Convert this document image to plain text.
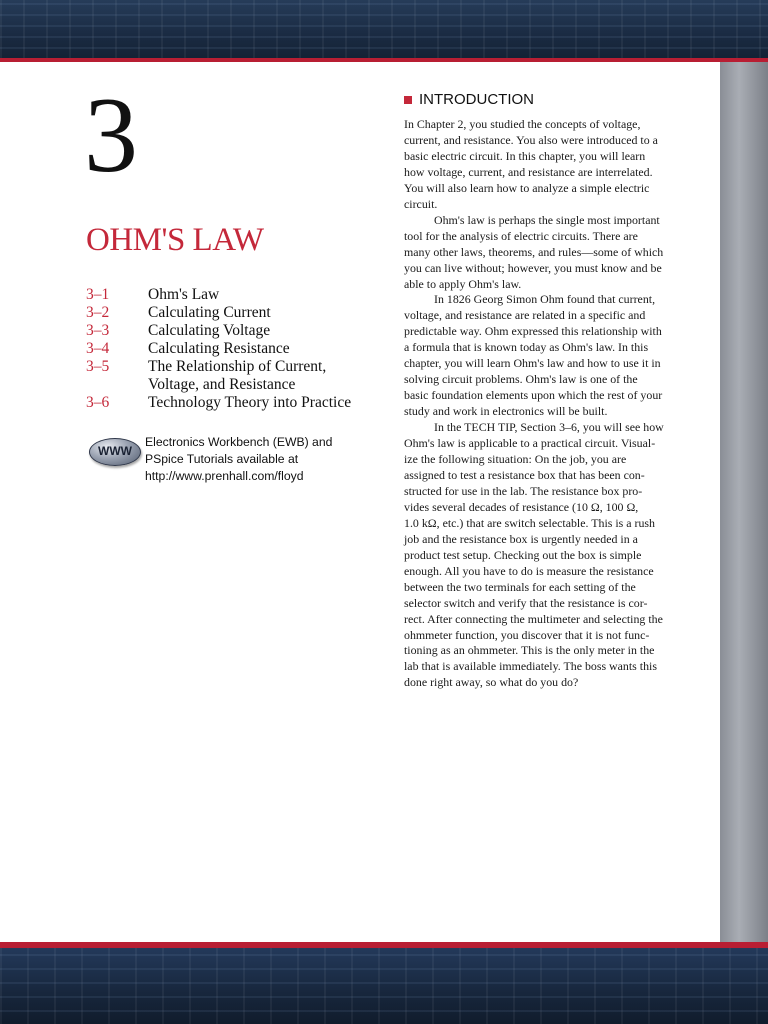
3
OHM'S LAW
3–1	Ohm's Law
3–2	Calculating Current
3–3	Calculating Voltage
3–4	Calculating Resistance
3–5	The Relationship of Current,
Voltage, and Resistance
3–6	Technology Theory into Practice
WWW
Electronics Workbench (EWB) and
PSpice Tutorials available at
http://www.prenhall.com/floyd
INTRODUCTION
In Chapter 2, you studied the concepts of voltage,
current, and resistance. You also were introduced to a
basic electric circuit. In this chapter, you will learn
how voltage, current, and resistance are interrelated.
You will also learn how to analyze a simple electric
circuit.
Ohm's law is perhaps the single most important
tool for the analysis of electric circuits. There are
many other laws, theorems, and rules—some of which
you can live without; however, you must know and be
able to apply Ohm's law.
In 1826 Georg Simon Ohm found that current,
voltage, and resistance are related in a specific and
predictable way. Ohm expressed this relationship with
a formula that is known today as Ohm's law. In this
chapter, you will learn Ohm's law and how to use it in
solving circuit problems. Ohm's law is one of the
basic foundation elements upon which the rest of your
study and work in electronics will be built.
In the TECH TIP, Section 3–6, you will see how
Ohm's law is applicable to a practical circuit. Visual-
ize the following situation: On the job, you are
assigned to test a resistance box that has been con-
structed for use in the lab. The resistance box pro-
vides several decades of resistance (10 Ω, 100 Ω,
1.0 kΩ, etc.) that are switch selectable. This is a rush
job and the resistance box is urgently needed in a
product test setup. Checking out the box is simple
enough. All you have to do is measure the resistance
between the two terminals for each setting of the
selector switch and verify that the resistance is cor-
rect. After connecting the multimeter and selecting the
ohmmeter function, you discover that it is not func-
tioning as an ohmmeter. This is the only meter in the
lab that is available immediately. The boss wants this
done right away, so what do you do?
